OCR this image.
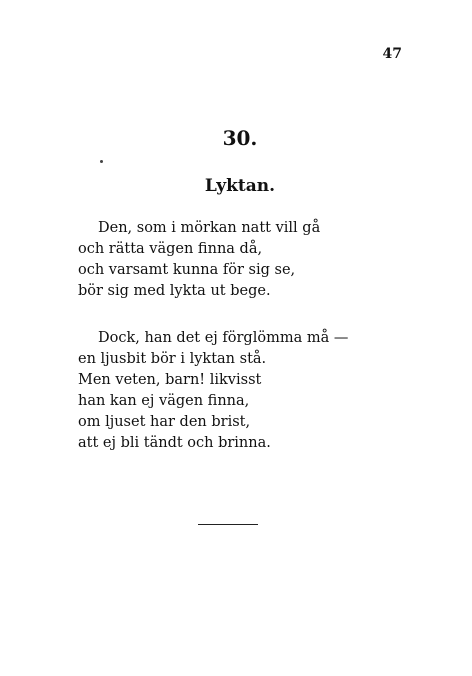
47
30.
Lyktan.
Den, som i mörkan natt vill gå
och rätta vägen finna då,
och varsamt kunna för sig se,
bör sig med lykta ut bege.
Dock, han det ej förglömma må —
en ljusbit bör i lyktan stå.
Men veten, barn! likvisst
han kan ej vägen finna,
om ljuset har den brist,
att ej bli tändt och brinna.
